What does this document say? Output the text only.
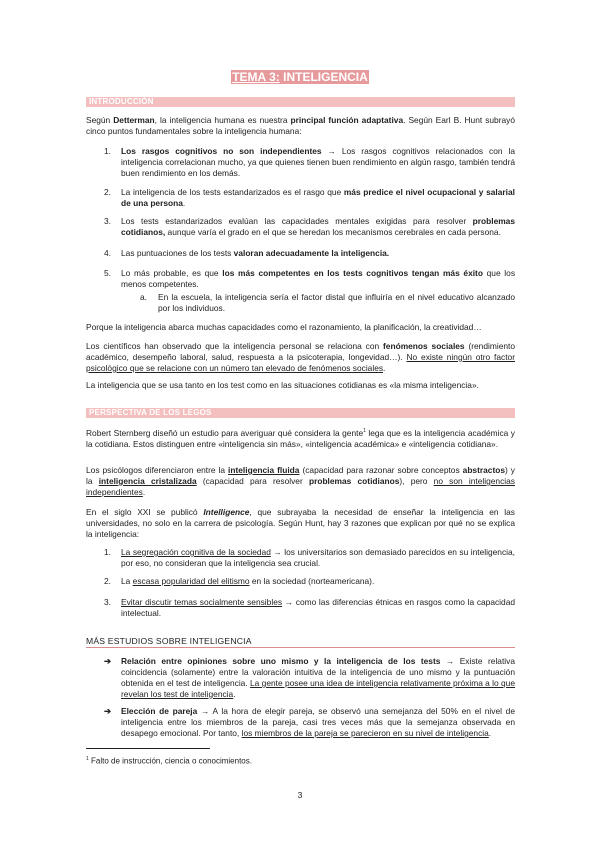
TEMA 3: INTELIGENCIA
INTRODUCCIÓN
Según Detterman, la inteligencia humana es nuestra principal función adaptativa. Según Earl B. Hunt subrayó cinco puntos fundamentales sobre la inteligencia humana:
1. Los rasgos cognitivos no son independientes → Los rasgos cognitivos relacionados con la inteligencia correlacionan mucho, ya que quienes tienen buen rendimiento en algún rasgo, también tendrá buen rendimiento en los demás.
2. La inteligencia de los tests estandarizados es el rasgo que más predice el nivel ocupacional y salarial de una persona.
3. Los tests estandarizados evalúan las capacidades mentales exigidas para resolver problemas cotidianos, aunque varía el grado en el que se heredan los mecanismos cerebrales en cada persona.
4. Las puntuaciones de los tests valoran adecuadamente la inteligencia.
5. Lo más probable, es que los más competentes en los tests cognitivos tengan más éxito que los menos competentes.
a. En la escuela, la inteligencia sería el factor distal que influiría en el nivel educativo alcanzado por los individuos.
Porque la inteligencia abarca muchas capacidades como el razonamiento, la planificación, la creatividad…
Los científicos han observado que la inteligencia personal se relaciona con fenómenos sociales (rendimiento académico, desempeño laboral, salud, respuesta a la psicoterapia, longevidad…). No existe ningún otro factor psicológico que se relacione con un número tan elevado de fenómenos sociales.
La inteligencia que se usa tanto en los test como en las situaciones cotidianas es «la misma inteligencia».
PERSPECTIVA DE LOS LEGOS
Robert Sternberg diseñó un estudio para averiguar qué considera la gente$^1$ lega que es la inteligencia académica y la cotidiana. Estos distinguen entre «inteligencia sin más», «inteligencia académica» e «inteligencia cotidiana».
Los psicólogos diferenciaron entre la inteligencia fluida (capacidad para razonar sobre conceptos abstractos) y la inteligencia cristalizada (capacidad para resolver problemas cotidianos), pero no son inteligencias independientes.
En el siglo XXI se publicó Intelligence, que subrayaba la necesidad de enseñar la inteligencia en las universidades, no solo en la carrera de psicología. Según Hunt, hay 3 razones que explican por qué no se explica la inteligencia:
1. La segregación cognitiva de la sociedad → los universitarios son demasiado parecidos en su inteligencia, por eso, no consideran que la inteligencia sea crucial.
2. La escasa popularidad del elitismo en la sociedad (norteamericana).
3. Evitar discutir temas socialmente sensibles → como las diferencias étnicas en rasgos como la capacidad intelectual.
MÁS ESTUDIOS SOBRE INTELIGENCIA
➔ Relación entre opiniones sobre uno mismo y la inteligencia de los tests → Existe relativa coincidencia (solamente) entre la valoración intuitiva de la inteligencia de uno mismo y la puntuación obtenida en el test de inteligencia. La gente posee una idea de inteligencia relativamente próxima a lo que revelan los test de inteligencia.
➔ Elección de pareja → A la hora de elegir pareja, se observó una semejanza del 50% en el nivel de inteligencia entre los miembros de la pareja, casi tres veces más que la semejanza observada en desapego emocional. Por tanto, los miembros de la pareja se parecieron en su nivel de inteligencia.
$^1$ Falto de instrucción, ciencia o conocimientos.
3
